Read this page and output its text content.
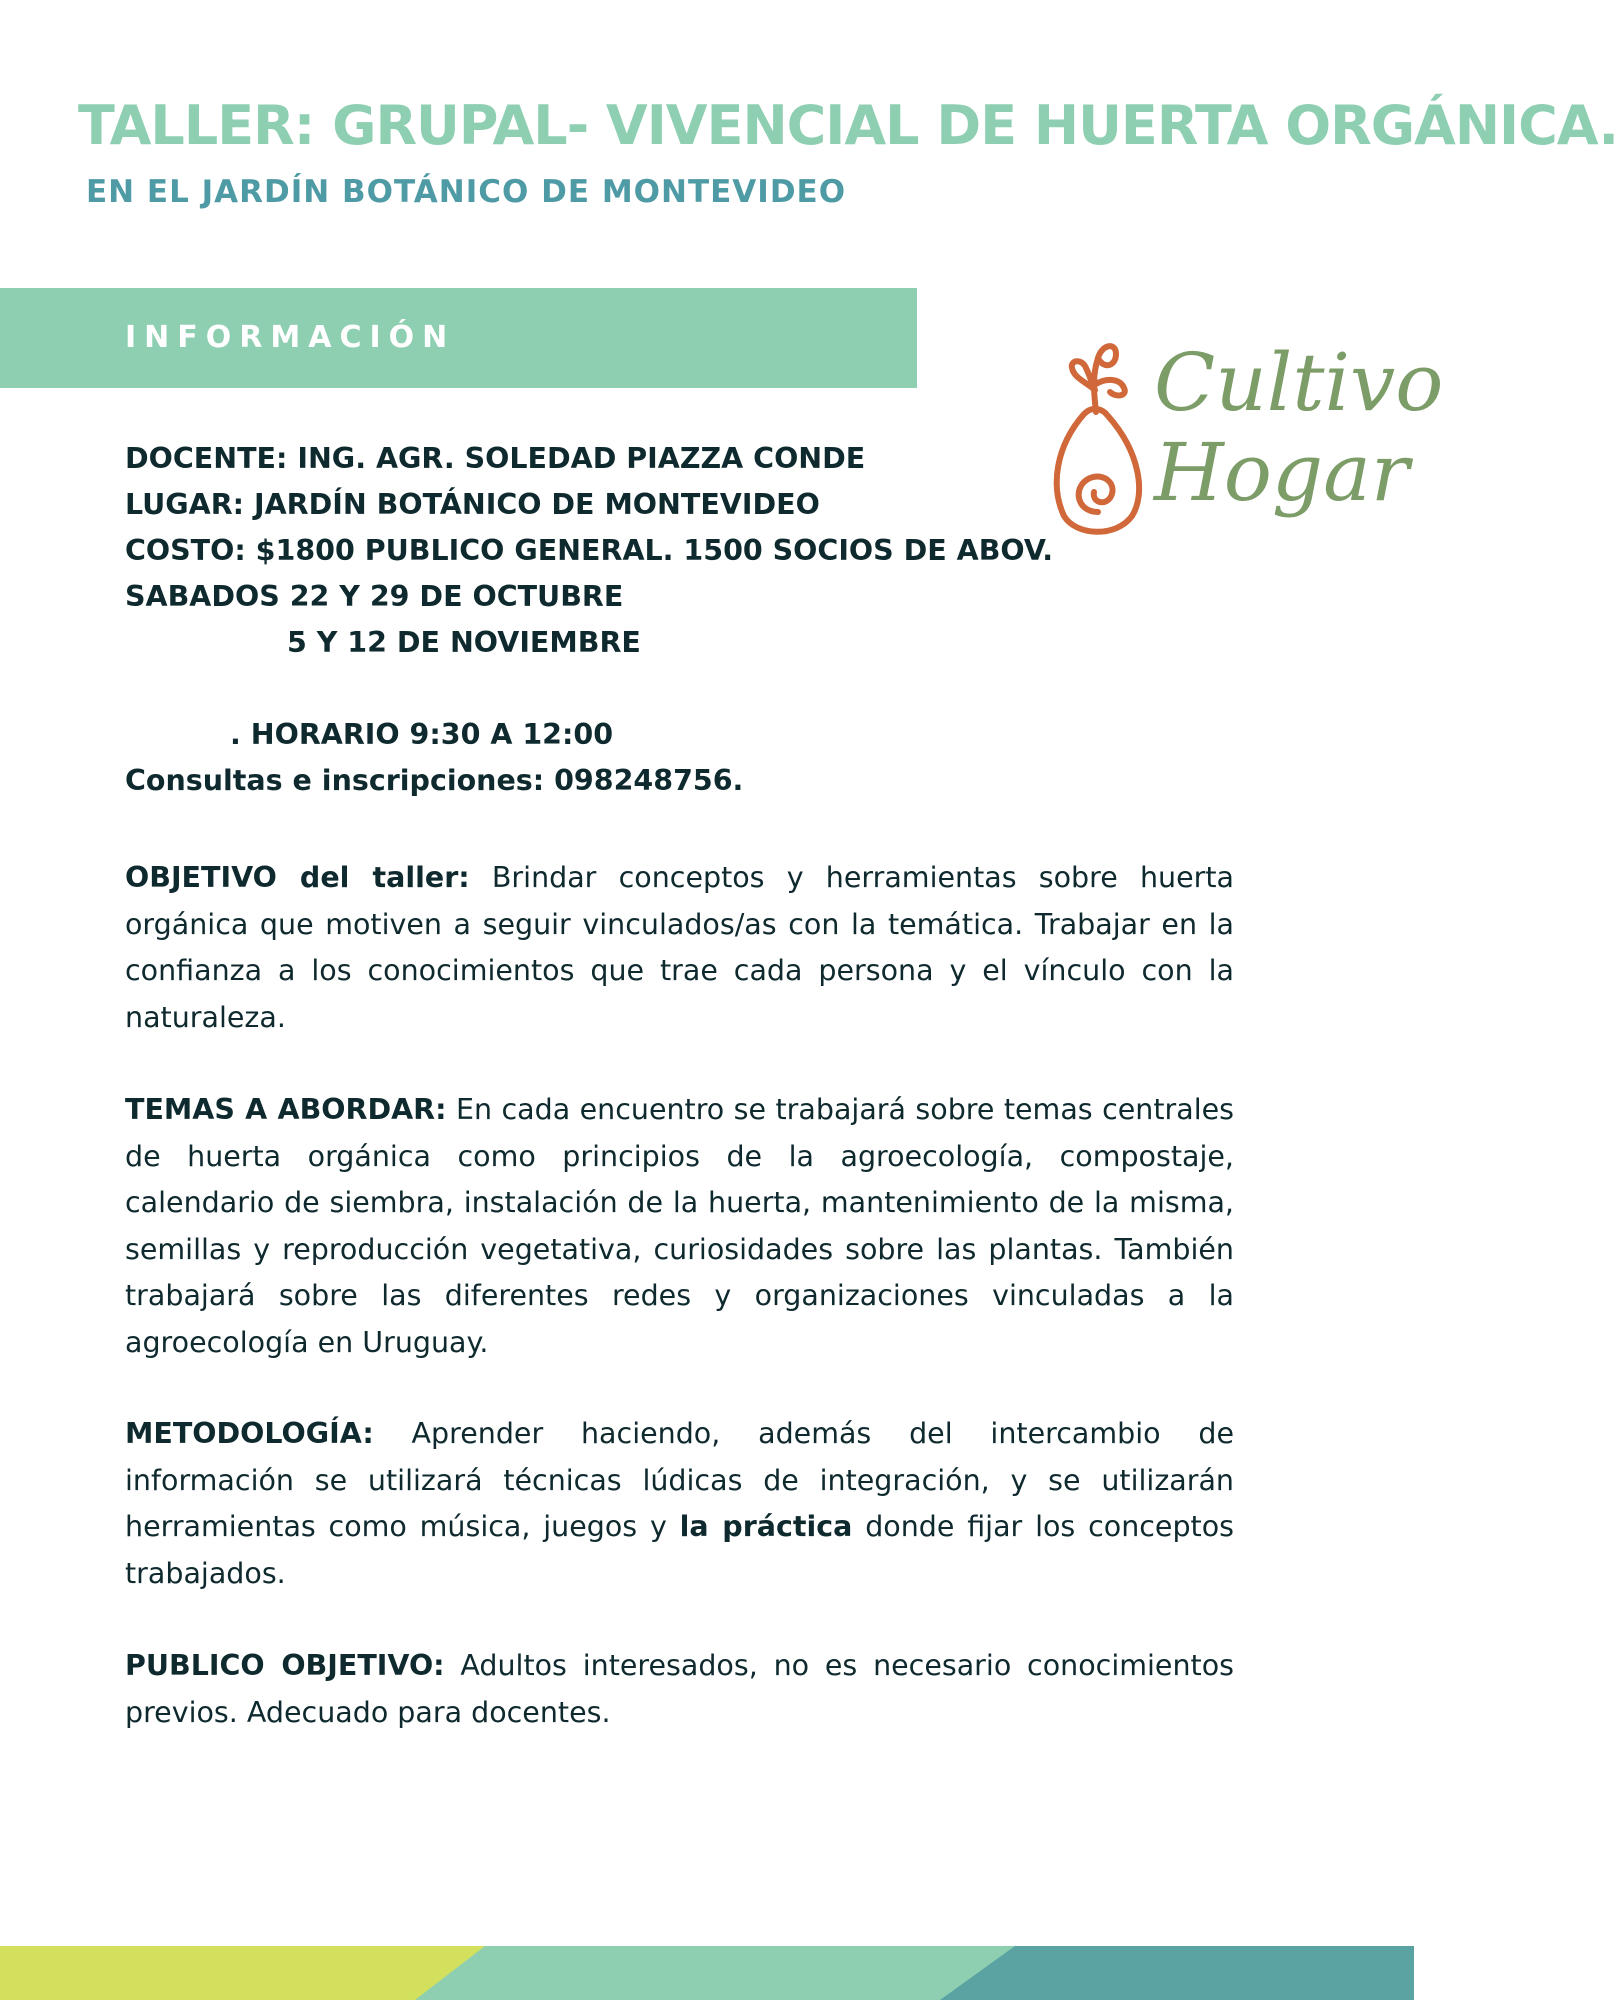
TALLER: GRUPAL- VIVENCIAL DE HUERTA ORGÁNICA.
EN EL JARDÍN BOTÁNICO DE MONTEVIDEO
INFORMACIÓN	Cultivo
Hogar
DOCENTE: ING. AGR. SOLEDAD PIAZZA CONDE
LUGAR: JARDÍN BOTÁNICO DE MONTEVIDEO
COSTO: $1800 PUBLICO GENERAL. 1500 SOCIOS DE ABOV.
SABADOS 22 Y 29 DE OCTUBRE
5 Y 12 DE NOVIEMBRE
. HORARIO 9:30 A 12:00
Consultas e inscripciones: 098248756.

OBJETIVO del taller: Brindar conceptos y herramientas sobre huerta orgánica que motiven a seguir vinculados/as con la temática. Trabajar en la confianza a los conocimientos que trae cada persona y el vínculo con la naturaleza.

TEMAS A ABORDAR: En cada encuentro se trabajará sobre temas centrales de huerta orgánica como principios de la agroecología, compostaje, calendario de siembra, instalación de la huerta, mantenimiento de la misma, semillas y reproducción vegetativa, curiosidades sobre las plantas. También trabajará sobre las diferentes redes y organizaciones vinculadas a la agroecología en Uruguay.

METODOLOGÍA: Aprender haciendo, además del intercambio de información se utilizará técnicas lúdicas de integración, y se utilizarán herramientas como música, juegos y la práctica donde fijar los conceptos trabajados.

PUBLICO OBJETIVO: Adultos interesados, no es necesario conocimientos previos. Adecuado para docentes.
